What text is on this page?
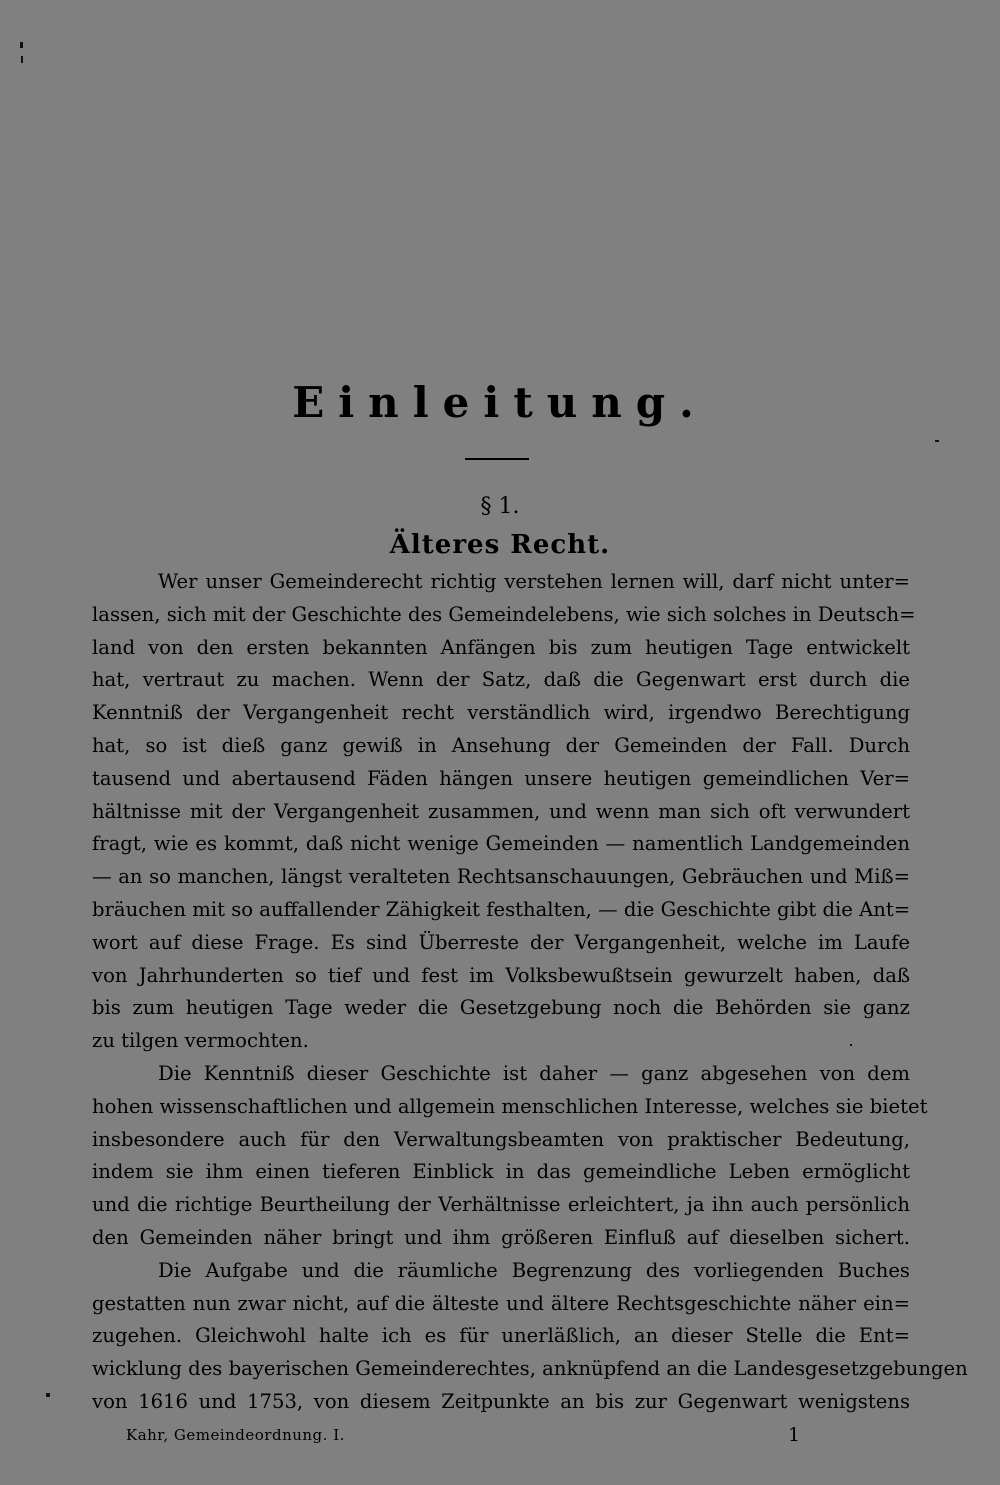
Einleitung.
§ 1.
Älteres Recht.
Wer unser Gemeinderecht richtig verstehen lernen will, darf nicht unter=
lassen, sich mit der Geschichte des Gemeindelebens, wie sich solches in Deutsch=
land von den ersten bekannten Anfängen bis zum heutigen Tage entwickelt
hat, vertraut zu machen. Wenn der Satz, daß die Gegenwart erst durch die
Kenntniß der Vergangenheit recht verständlich wird, irgendwo Berechtigung
hat, so ist dieß ganz gewiß in Ansehung der Gemeinden der Fall. Durch
tausend und abertausend Fäden hängen unsere heutigen gemeindlichen Ver=
hältnisse mit der Vergangenheit zusammen, und wenn man sich oft verwundert
fragt, wie es kommt, daß nicht wenige Gemeinden — namentlich Landgemeinden
— an so manchen, längst veralteten Rechtsanschauungen, Gebräuchen und Miß=
bräuchen mit so auffallender Zähigkeit festhalten, — die Geschichte gibt die Ant=
wort auf diese Frage. Es sind Überreste der Vergangenheit, welche im Laufe
von Jahrhunderten so tief und fest im Volksbewußtsein gewurzelt haben, daß
bis zum heutigen Tage weder die Gesetzgebung noch die Behörden sie ganz
zu tilgen vermochten.
Die Kenntniß dieser Geschichte ist daher — ganz abgesehen von dem
hohen wissenschaftlichen und allgemein menschlichen Interesse, welches sie bietet
insbesondere auch für den Verwaltungsbeamten von praktischer Bedeutung,
indem sie ihm einen tieferen Einblick in das gemeindliche Leben ermöglicht
und die richtige Beurtheilung der Verhältnisse erleichtert, ja ihn auch persönlich
den Gemeinden näher bringt und ihm größeren Einfluß auf dieselben sichert.
Die Aufgabe und die räumliche Begrenzung des vorliegenden Buches
gestatten nun zwar nicht, auf die älteste und ältere Rechtsgeschichte näher ein=
zugehen. Gleichwohl halte ich es für unerläßlich, an dieser Stelle die Ent=
wicklung des bayerischen Gemeinderechtes, anknüpfend an die Landesgesetzgebungen
von 1616 und 1753, von diesem Zeitpunkte an bis zur Gegenwart wenigstens
Kahr, Gemeindeordnung. I.	1
